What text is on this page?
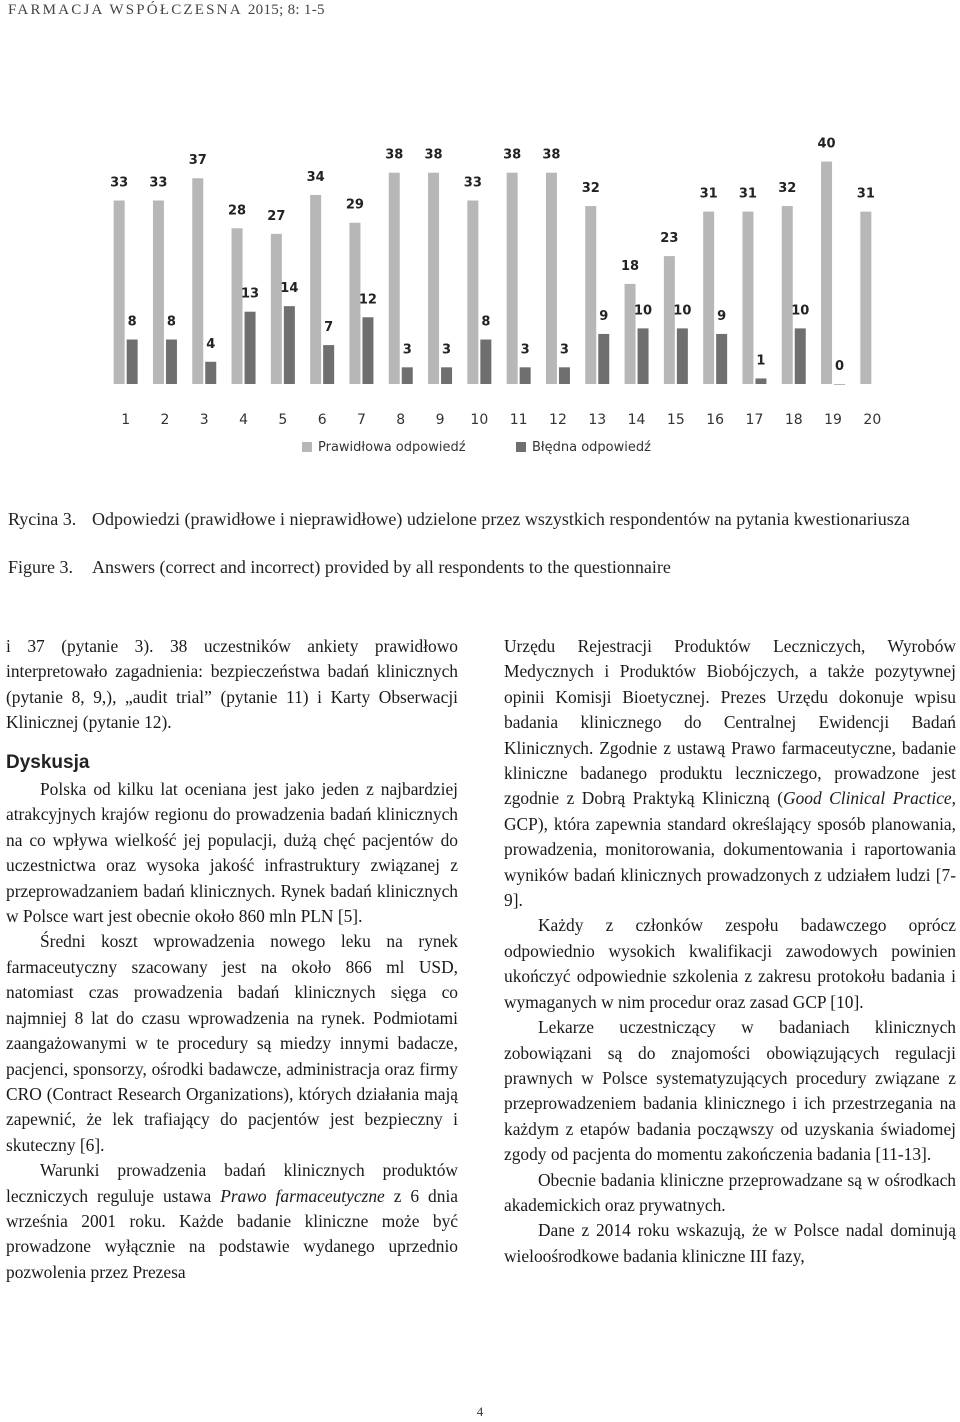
FARMACJA WSPÓŁCZESNA 2015; 8: 1-5
33
8
1
33
8
2
37
4
3
28
13
4
27
14
5
34
7
6
29
12
7
38
3
8
38
3
9
33
8
10
38
3
11
38
3
12
32
9
13
18
10
14
23
10
15
31
9
16
31
1
17
32
10
18
40
0
19
31
20
Prawidłowa odpowiedź	Błędna odpowiedź
Rycina 3. Odpowiedzi (prawidłowe i nieprawidłowe) udzielone przez wszystkich respondentów na pytania kwestionariusza
Figure 3. Answers (correct and incorrect) provided by all respondents to the questionnaire

i 37 (pytanie 3). 38 uczestników ankiety prawidłowo interpretowało zagadnienia: bezpieczeństwa badań klinicznych (pytanie 8, 9,), „audit trial” (pytanie 11) i Karty Obserwacji Klinicznej (pytanie 12).

Dyskusja

Polska od kilku lat oceniana jest jako jeden z najbardziej atrakcyjnych krajów regionu do prowadzenia badań klinicznych na co wpływa wielkość jej populacji, dużą chęć pacjentów do uczestnictwa oraz wysoka jakość infrastruktury związanej z przeprowadzaniem badań klinicznych. Rynek badań klinicznych w Polsce wart jest obecnie około 860 mln PLN [5].

Średni koszt wprowadzenia nowego leku na rynek farmaceutyczny szacowany jest na około 866 ml USD, natomiast czas prowadzenia badań klinicznych sięga co najmniej 8 lat do czasu wprowadzenia na rynek. Podmiotami zaangażowanymi w te procedury są miedzy innymi badacze, pacjenci, sponsorzy, ośrodki badawcze, administracja oraz firmy CRO (Contract Research Organizations), których działania mają zapewnić, że lek trafiający do pacjentów jest bezpieczny i skuteczny [6].

Warunki prowadzenia badań klinicznych produktów leczniczych reguluje ustawa Prawo farmaceutyczne z 6 dnia września 2001 roku. Każde badanie kliniczne może być prowadzone wyłącznie na podstawie wydanego uprzednio pozwolenia przez Prezesa

Urzędu Rejestracji Produktów Leczniczych, Wyrobów Medycznych i Produktów Biobójczych, a także pozytywnej opinii Komisji Bioetycznej. Prezes Urzędu dokonuje wpisu badania klinicznego do Centralnej Ewidencji Badań Klinicznych. Zgodnie z ustawą Prawo farmaceutyczne, badanie kliniczne badanego produktu leczniczego, prowadzone jest zgodnie z Dobrą Praktyką Kliniczną (Good Clinical Practice, GCP), która zapewnia standard określający sposób planowania, prowadzenia, monitorowania, dokumentowania i raportowania wyników badań klinicznych prowadzonych z udziałem ludzi [7-9].

Każdy z członków zespołu badawczego oprócz odpowiednio wysokich kwalifikacji zawodowych powinien ukończyć odpowiednie szkolenia z zakresu protokołu badania i wymaganych w nim procedur oraz zasad GCP [10].

Lekarze uczestniczący w badaniach klinicznych zobowiązani są do znajomości obowiązujących regulacji prawnych w Polsce systematyzujących procedury związane z przeprowadzeniem badania klinicznego i ich przestrzegania na każdym z etapów badania począwszy od uzyskania świadomej zgody od pacjenta do momentu zakończenia badania [11-13].

Obecnie badania kliniczne przeprowadzane są w ośrodkach akademickich oraz prywatnych.

Dane z 2014 roku wskazują, że w Polsce nadal dominują wieloośrodkowe badania kliniczne III fazy,

4
